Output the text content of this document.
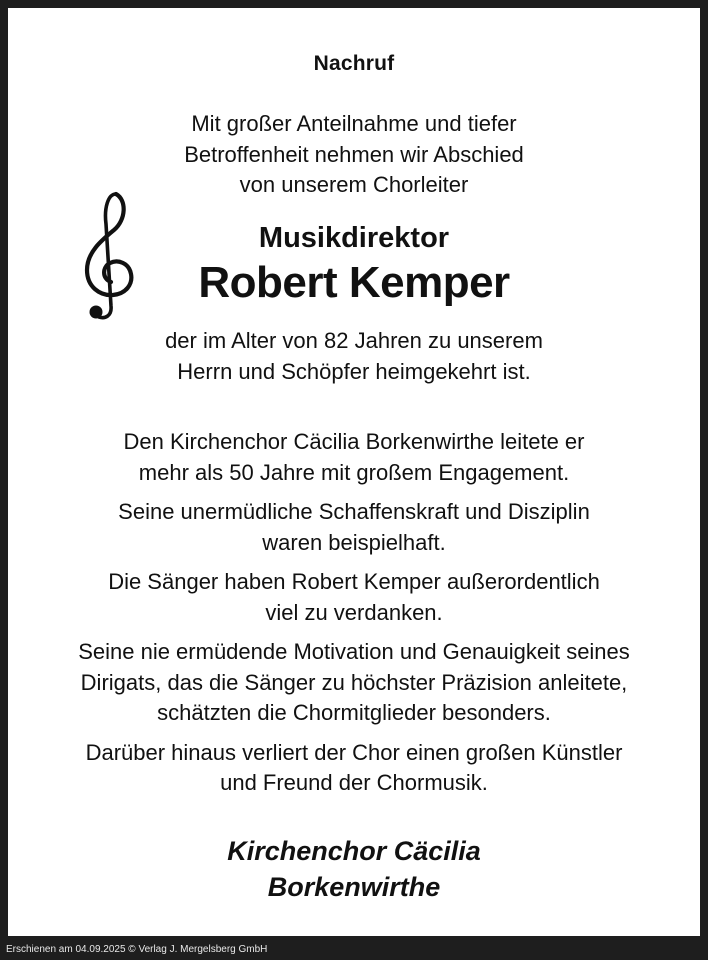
Nachruf
Mit großer Anteilnahme und tiefer
Betroffenheit nehmen wir Abschied
von unserem Chorleiter
Musikdirektor
Robert Kemper
der im Alter von 82 Jahren zu unserem
Herrn und Schöpfer heimgekehrt ist.
Den Kirchenchor Cäcilia Borkenwirthe leitete er
mehr als 50 Jahre mit großem Engagement.
Seine unermüdliche Schaffenskraft und Disziplin
waren beispielhaft.
Die Sänger haben Robert Kemper außerordentlich
viel zu verdanken.
Seine nie ermüdende Motivation und Genauigkeit seines
Dirigats, das die Sänger zu höchster Präzision anleitete,
schätzten die Chormitglieder besonders.
Darüber hinaus verliert der Chor einen großen Künstler
und Freund der Chormusik.
Kirchenchor Cäcilia
Borkenwirthe
Erschienen am 04.09.2025 © Verlag J. Mergelsberg GmbH
